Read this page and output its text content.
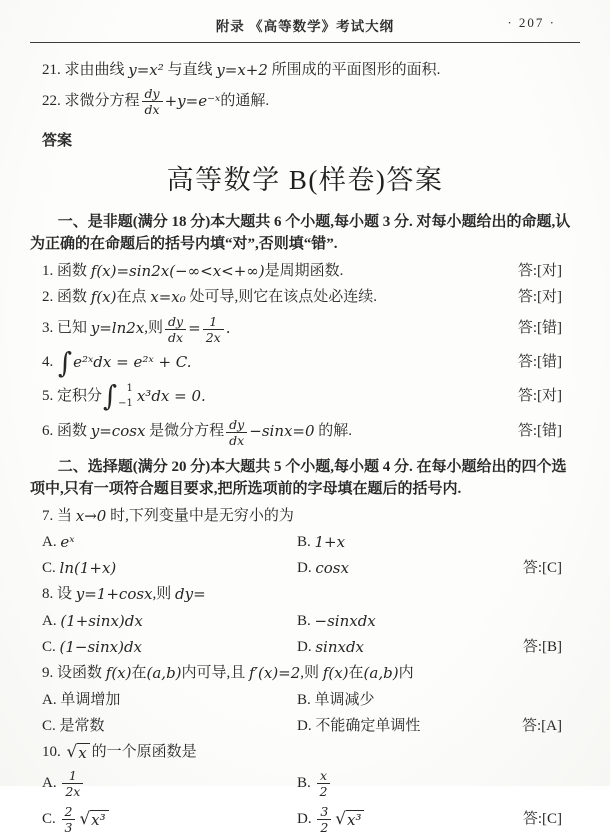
附录 《高等数学》考试大纲	· 207 ·
21. 求由曲线 y=x² 与直线 y=x+2 所围成的平面图形的面积.
22. 求微分方程 $\frac{dy}{dx}$ +y=e⁻ˣ 的通解.
答案
高等数学 B(样卷)答案
一、是非题(满分 18 分)本大题共 6 个小题,每小题 3 分. 对每小题给出的命题,认为正确的在命题后的括号内填“对”,否则填“错”.
1. 函数 f(x)=sin2x(−∞<x<+∞) 是周期函数.	答:[对]
2. 函数 f(x) 在点 x=x₀ 处可导,则它在该点处必连续.	答:[对]
3. 已知 y=ln2x ,则 $\frac{dy}{dx} = \frac{1}{2x}$ .	答:[错]
4. ∫ e²ˣdx = e²ˣ + C.	答:[错]
5. 定积分 ∫ 1
−1 x³dx = 0.	答:[对]
6. 函数 y=cosx 是微分方程 $\frac{dy}{dx} -\sin x=0$ 的解.	答:[错]
二、选择题(满分 20 分)本大题共 5 个小题,每小题 4 分. 在每小题给出的四个选项中,只有一项符合题目要求,把所选项前的字母填在题后的括号内.
7. 当 x→0 时,下列变量中是无穷小的为
A. eˣ	B. 1+x
C. ln(1+x)	D. cosx	答:[C]
8. 设 y=1+cosx ,则 dy=
A. (1+sinx)dx	B. −sinxdx
C. (1−sinx)dx	D. sinxdx	答:[B]
9. 设函数 f(x) 在 (a,b) 内可导,且 f′(x)=2 ,则 f(x) 在 (a,b) 内
A. 单调增加	B. 单调减少
C. 是常数	D. 不能确定单调性	答:[A]
10. √ x 的一个原函数是
A. $\frac{1}{2x}$	B. $\frac{x}{2}$
C. $\frac{2}{3}$ √ x³	D. $\frac{3}{2}$ √ x³	答:[C]
